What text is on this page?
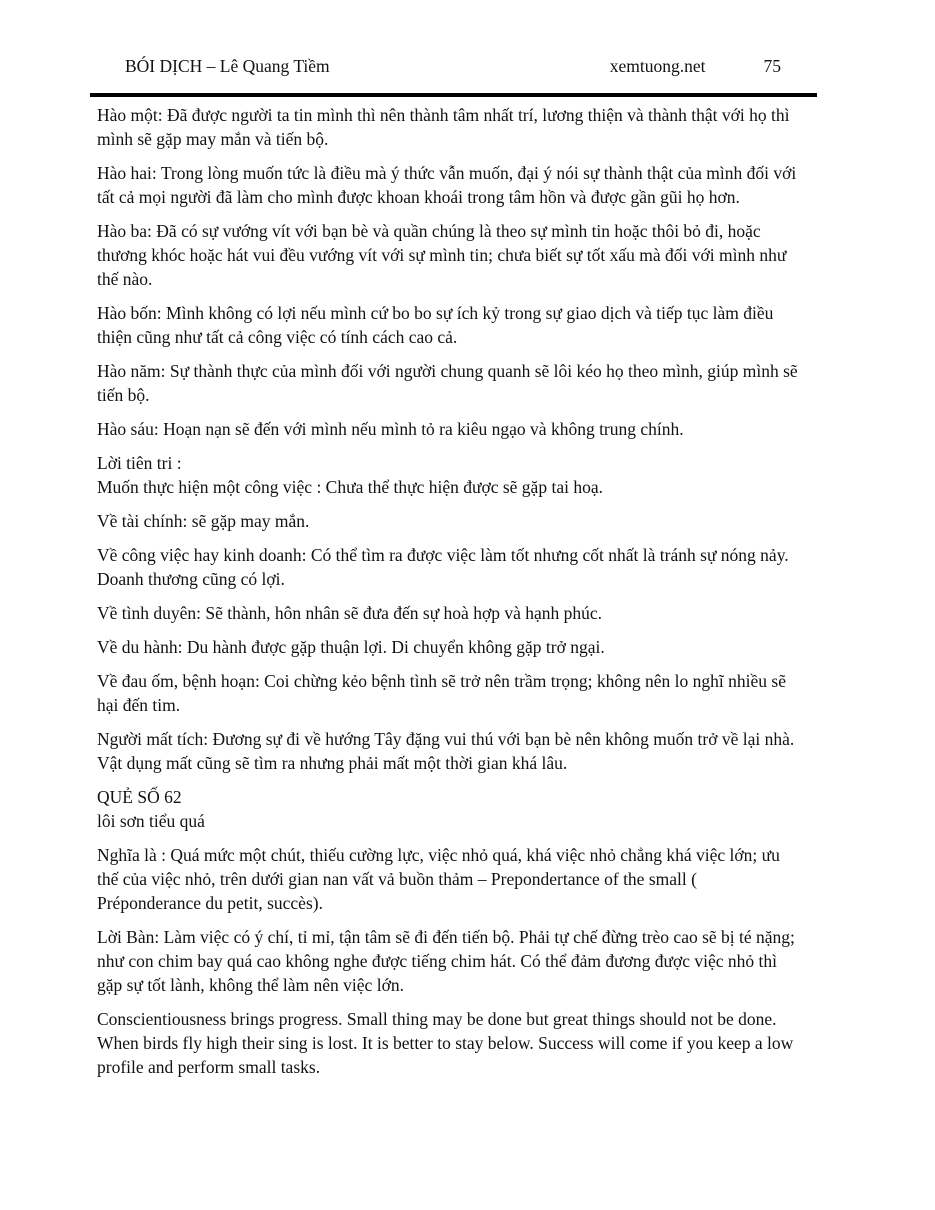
BÓI DỊCH – Lê Quang Tiềm	xemtuong.net	75

Hào một: Đã được người ta tin mình thì nên thành tâm nhất trí, lương thiện và thành thật với họ thì mình sẽ gặp may mắn và tiến bộ.

Hào hai: Trong lòng muốn tức là điều mà ý thức vẫn muốn, đại ý nói sự thành thật của mình đối với tất cả mọi người đã làm cho mình được khoan khoái trong tâm hồn và được gần gũi họ hơn.

Hào ba: Đã có sự vướng vít với bạn bè và quần chúng là theo sự mình tin hoặc thôi bỏ đi, hoặc thương khóc hoặc hát vui đều vướng vít với sự mình tin; chưa biết sự tốt xấu mà đối với mình như thế nào.

Hào bốn: Mình không có lợi nếu mình cứ bo bo sự ích kỷ trong sự giao dịch và tiếp tục làm điều thiện cũng như tất cả công việc có tính cách cao cả.

Hào năm: Sự thành thực của mình đối với người chung quanh sẽ lôi kéo họ theo mình, giúp mình sẽ tiến bộ.

Hào sáu: Hoạn nạn sẽ đến với mình nếu mình tỏ ra kiêu ngạo và không trung chính.

Lời tiên tri :
Muốn thực hiện một công việc : Chưa thể thực hiện được sẽ gặp tai hoạ.

Về tài chính: sẽ gặp may mắn.

Về công việc hay kinh doanh: Có thể tìm ra được việc làm tốt nhưng cốt nhất là tránh sự nóng nảy. Doanh thương cũng có lợi.

Về tình duyên: Sẽ thành, hôn nhân sẽ đưa đến sự hoà hợp và hạnh phúc.

Về du hành: Du hành được gặp thuận lợi. Di chuyển không gặp trở ngại.

Về đau ốm, bệnh hoạn: Coi chừng kẻo bệnh tình sẽ trở nên trầm trọng; không nên lo nghĩ nhiều sẽ hại đến tim.

Người mất tích: Đương sự đi về hướng Tây đặng vui thú với bạn bè nên không muốn trở về lại nhà. Vật dụng mất cũng sẽ tìm ra nhưng phải mất một thời gian khá lâu.

QUẺ SỐ 62
lôi sơn tiểu quá

Nghĩa là : Quá mức một chút, thiếu cường lực, việc nhỏ quá, khá việc nhỏ chẳng khá việc lớn; ưu thế của việc nhỏ, trên dưới gian nan vất vả buồn thảm – Prepondertance of the small ( Préponderance du petit, succès).

Lời Bàn: Làm việc có ý chí, tỉ mỉ, tận tâm sẽ đi đến tiến bộ. Phải tự chế đừng trèo cao sẽ bị té nặng; như con chim bay quá cao không nghe được tiếng chim hát. Có thể đảm đương được việc nhỏ thì gặp sự tốt lành, không thể làm nên việc lớn.

Conscientiousness brings progress. Small thing may be done but great things should not be done. When birds fly high their sing is lost. It is better to stay below. Success will come if you keep a low profile and perform small tasks.
